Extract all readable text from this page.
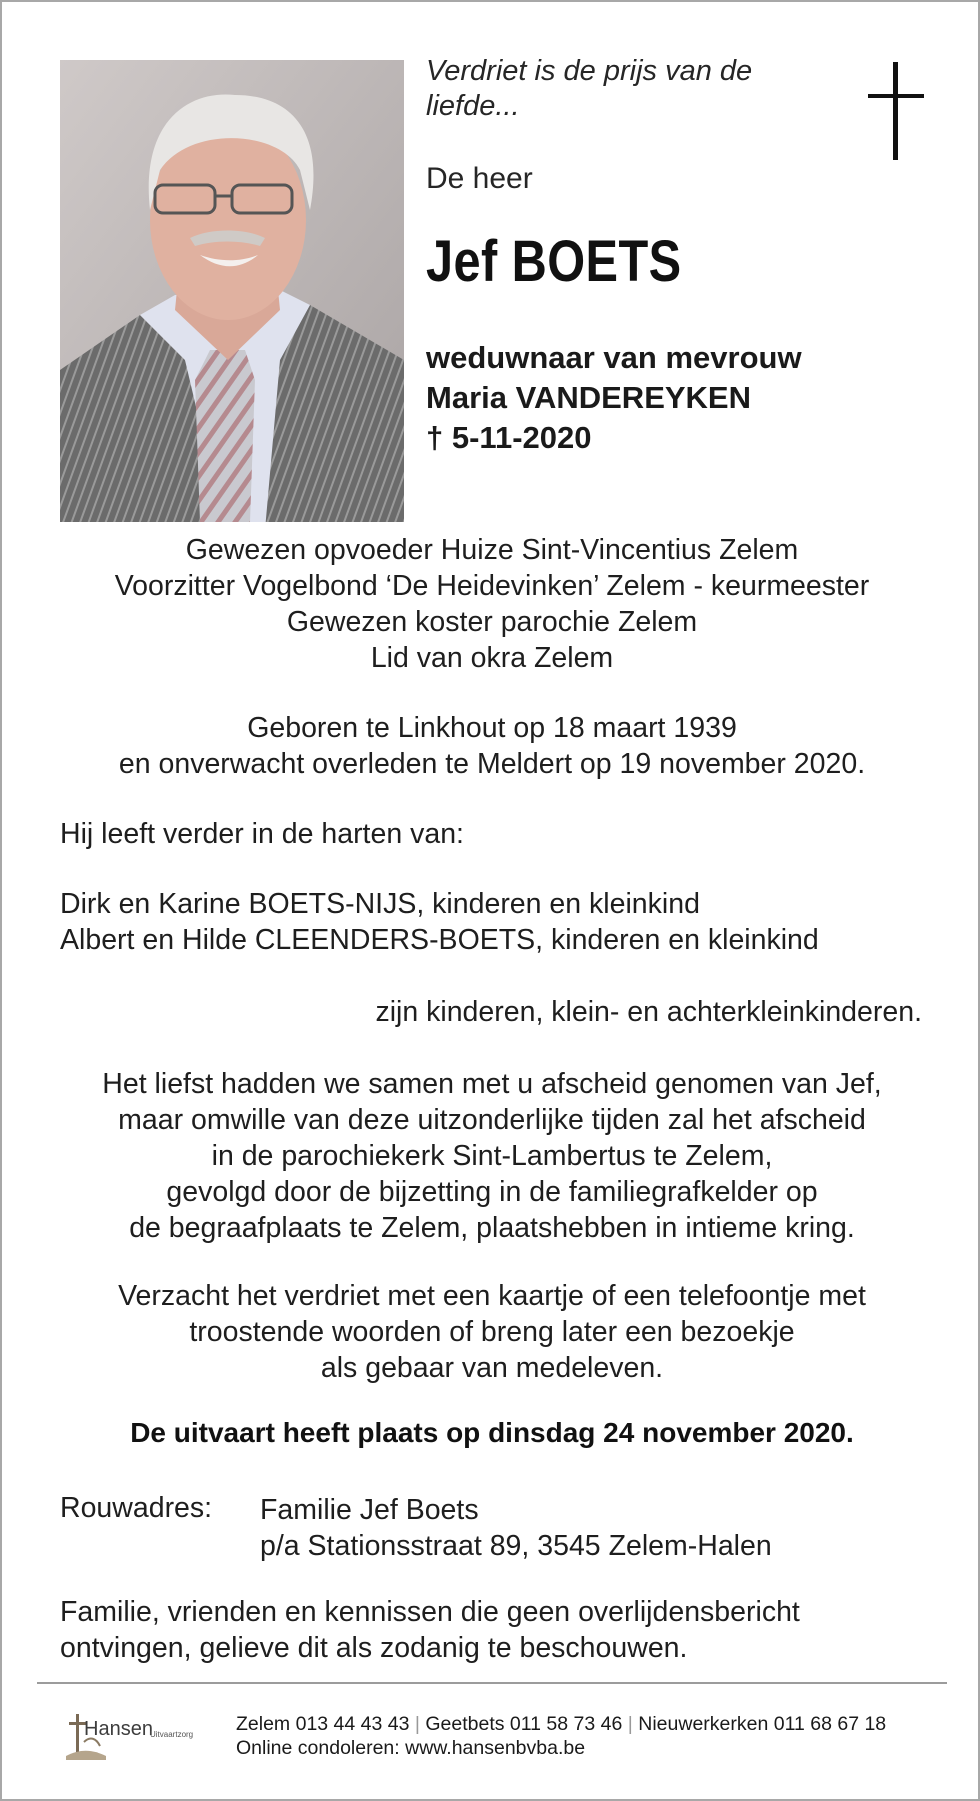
Verdriet is de prijs van de
liefde...
De heer
Jef BOETS
weduwnaar van mevrouw
Maria VANDEREYKEN
† 5-11-2020
Gewezen opvoeder Huize Sint-Vincentius Zelem
Voorzitter Vogelbond ‘De Heidevinken’ Zelem - keurmeester
Gewezen koster parochie Zelem
Lid van okra Zelem
Geboren te Linkhout op 18 maart 1939
en onverwacht overleden te Meldert op 19 november 2020.
Hij leeft verder in de harten van:
Dirk en Karine BOETS-NIJS, kinderen en kleinkind
Albert en Hilde CLEENDERS-BOETS, kinderen en kleinkind
zijn kinderen, klein- en achterkleinkinderen.
Het liefst hadden we samen met u afscheid genomen van Jef,
maar omwille van deze uitzonderlijke tijden zal het afscheid
in de parochiekerk Sint-Lambertus te Zelem,
gevolgd door de bijzetting in de familiegrafkelder op
de begraafplaats te Zelem, plaatshebben in intieme kring.
Verzacht het verdriet met een kaartje of een telefoontje met
troostende woorden of breng later een bezoekje
als gebaar van medeleven.
De uitvaart heeft plaats op dinsdag 24 november 2020.
Rouwadres: Familie Jef Boets
p/a Stationsstraat 89, 3545 Zelem-Halen
Familie, vrienden en kennissen die geen overlijdensbericht
ontvingen, gelieve dit als zodanig te beschouwen.
Hansen
Uitvaartzorg Zelem 013 44 43 43 | Geetbets 011 58 73 46 | Nieuwerkerken 011 68 67 18
Online condoleren: www.hansenbvba.be
